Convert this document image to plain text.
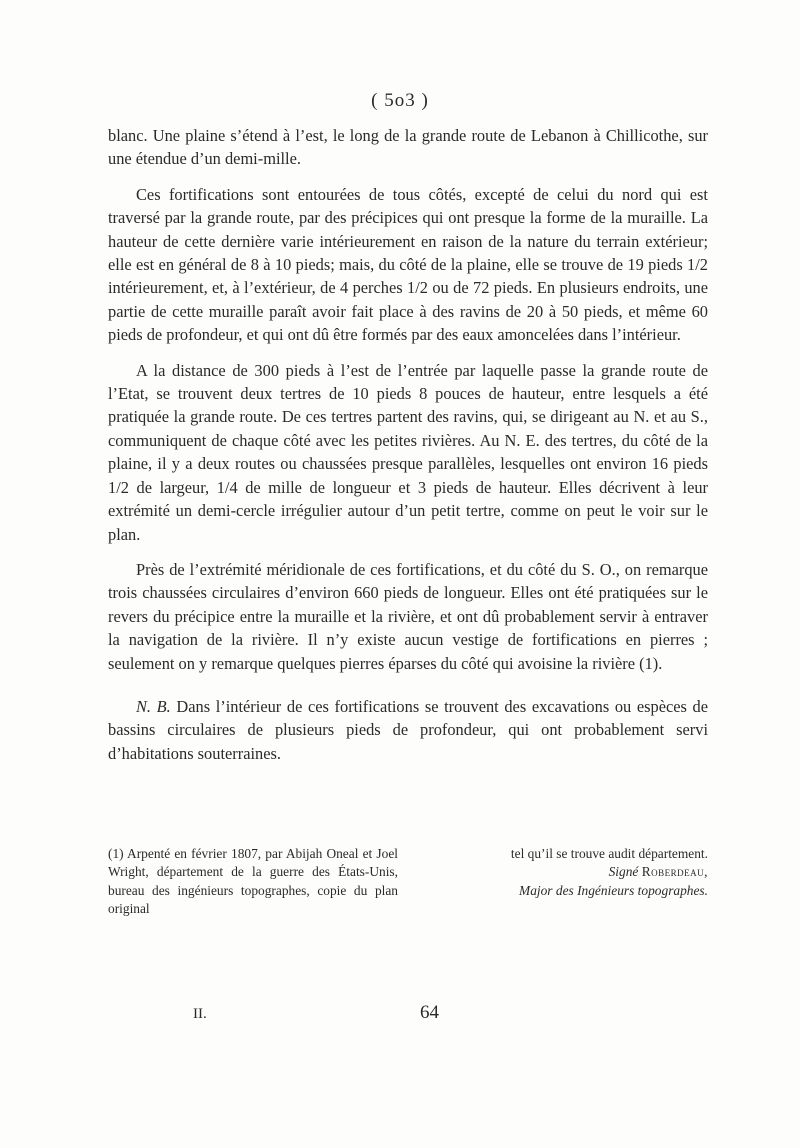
( 5o3 )

blanc. Une plaine s’étend à l’est, le long de la grande route de Lebanon à Chillicothe, sur une étendue d’un demi-mille.

Ces fortifications sont entourées de tous côtés, excepté de celui du nord qui est traversé par la grande route, par des précipices qui ont presque la forme de la muraille. La hauteur de cette dernière varie intérieurement en raison de la nature du terrain extérieur; elle est en général de 8 à 10 pieds; mais, du côté de la plaine, elle se trouve de 19 pieds 1/2 intérieurement, et, à l’extérieur, de 4 perches 1/2 ou de 72 pieds. En plusieurs endroits, une partie de cette muraille paraît avoir fait place à des ravins de 20 à 50 pieds, et même 60 pieds de profondeur, et qui ont dû être formés par des eaux amoncelées dans l’intérieur.

A la distance de 300 pieds à l’est de l’entrée par laquelle passe la grande route de l’Etat, se trouvent deux tertres de 10 pieds 8 pouces de hauteur, entre lesquels a été pratiquée la grande route. De ces tertres partent des ravins, qui, se dirigeant au N. et au S., communiquent de chaque côté avec les petites rivières. Au N. E. des tertres, du côté de la plaine, il y a deux routes ou chaussées presque parallèles, lesquelles ont environ 16 pieds 1/2 de largeur, 1/4 de mille de longueur et 3 pieds de hauteur. Elles décrivent à leur extrémité un demi-cercle irrégulier autour d’un petit tertre, comme on peut le voir sur le plan.

Près de l’extrémité méridionale de ces fortifications, et du côté du S. O., on remarque trois chaussées circulaires d’environ 660 pieds de longueur. Elles ont été pratiquées sur le revers du précipice entre la muraille et la rivière, et ont dû probablement servir à entraver la navigation de la rivière. Il n’y existe aucun vestige de fortifications en pierres ; seulement on y remarque quelques pierres éparses du côté qui avoisine la rivière (1).

N. B. Dans l’intérieur de ces fortifications se trouvent des excavations ou espèces de bassins circulaires de plusieurs pieds de profondeur, qui ont probablement servi d’habitations souterraines.

(1) Arpenté en février 1807, par Abijah Oneal et Joel Wright, département de la guerre des États-Unis, bureau des ingénieurs topographes, copie du plan original
tel qu’il se trouve audit département.
Signé Roberdeau,
Major des Ingénieurs topographes.
II.	64
